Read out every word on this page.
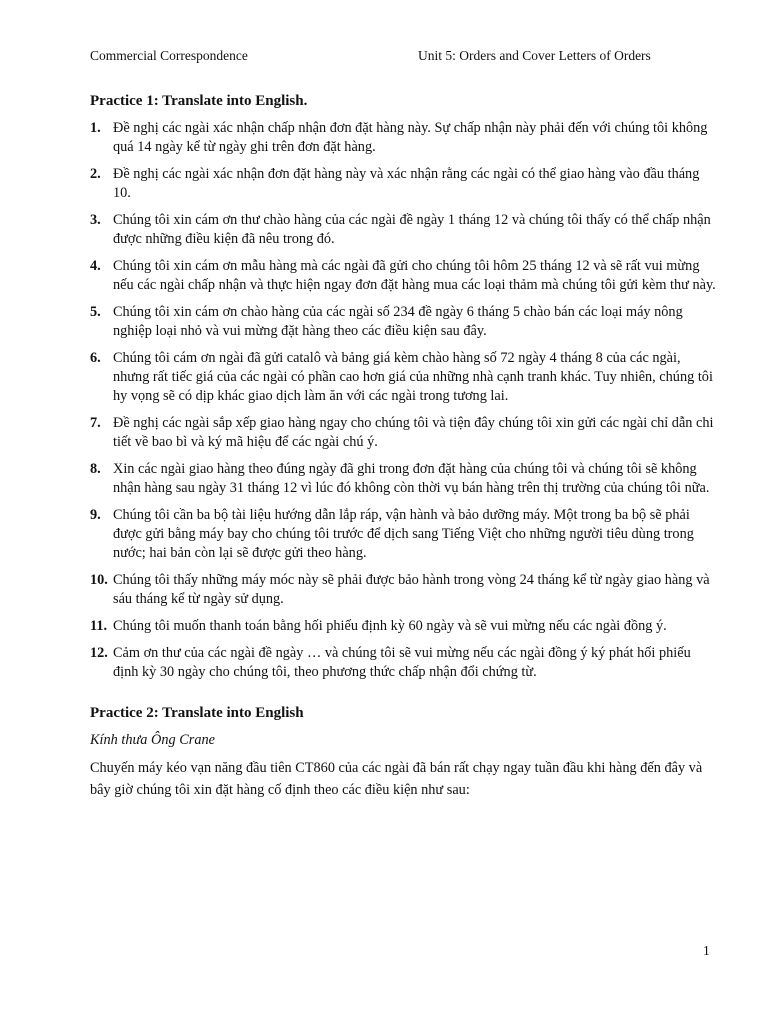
Commercial Correspondence	Unit 5: Orders and Cover Letters of Orders
Practice 1: Translate into English.
1. Đề nghị các ngài xác nhận chấp nhận đơn đặt hàng này. Sự chấp nhận này phải đến với chúng tôi không quá 14 ngày kể từ ngày ghi trên đơn đặt hàng.
2. Đề nghị các ngài xác nhận đơn đặt hàng này và xác nhận rằng các ngài có thể giao hàng vào đầu tháng 10.
3. Chúng tôi xin cám ơn thư chào hàng của các ngài đề ngày 1 tháng 12 và chúng tôi thấy có thể chấp nhận được những điều kiện đã nêu trong đó.
4. Chúng tôi xin cám ơn mẫu hàng mà các ngài đã gửi cho chúng tôi hôm 25 tháng 12 và sẽ rất vui mừng nếu các ngài chấp nhận và thực hiện ngay đơn đặt hàng mua các loại thảm mà chúng tôi gửi kèm thư này.
5. Chúng tôi xin cám ơn chào hàng của các ngài số 234 đề ngày 6 tháng 5 chào bán các loại máy nông nghiệp loại nhỏ và vui mừng đặt hàng theo các điều kiện sau đây.
6. Chúng tôi cám ơn ngài đã gửi catalô và bảng giá kèm chào hàng số 72 ngày 4 tháng 8 của các ngài, nhưng rất tiếc giá của các ngài có phần cao hơn giá của những nhà cạnh tranh khác. Tuy nhiên, chúng tôi hy vọng sẽ có dịp khác giao dịch làm ăn với các ngài trong tương lai.
7. Đề nghị các ngài sắp xếp giao hàng ngay cho chúng tôi và tiện đây chúng tôi xin gửi các ngài chỉ dẫn chi tiết về bao bì và ký mã hiệu để các ngài chú ý.
8. Xin các ngài giao hàng theo đúng ngày đã ghi trong đơn đặt hàng của chúng tôi và chúng tôi sẽ không nhận hàng sau ngày 31 tháng 12 vì lúc đó không còn thời vụ bán hàng trên thị trường của chúng tôi nữa.
9. Chúng tôi cần ba bộ tài liệu hướng dẫn lắp ráp, vận hành và bảo dưỡng máy. Một trong ba bộ sẽ phải được gửi bằng máy bay cho chúng tôi trước để dịch sang Tiếng Việt cho những người tiêu dùng trong nước; hai bản còn lại sẽ được gửi theo hàng.
10. Chúng tôi thấy những máy móc này sẽ phải được bảo hành trong vòng 24 tháng kể từ ngày giao hàng và sáu tháng kể từ ngày sử dụng.
11. Chúng tôi muốn thanh toán bằng hối phiếu định kỳ 60 ngày và sẽ vui mừng nếu các ngài đồng ý.
12. Cảm ơn thư của các ngài đề ngày … và chúng tôi sẽ vui mừng nếu các ngài đồng ý ký phát hối phiếu định kỳ 30 ngày cho chúng tôi, theo phương thức chấp nhận đổi chứng từ.
Practice 2: Translate into English
Kính thưa Ông Crane
Chuyến máy kéo vạn năng đầu tiên CT860 của các ngài đã bán rất chạy ngay tuần đầu khi hàng đến đây và bây giờ chúng tôi xin đặt hàng cố định theo các điều kiện như sau:
1
